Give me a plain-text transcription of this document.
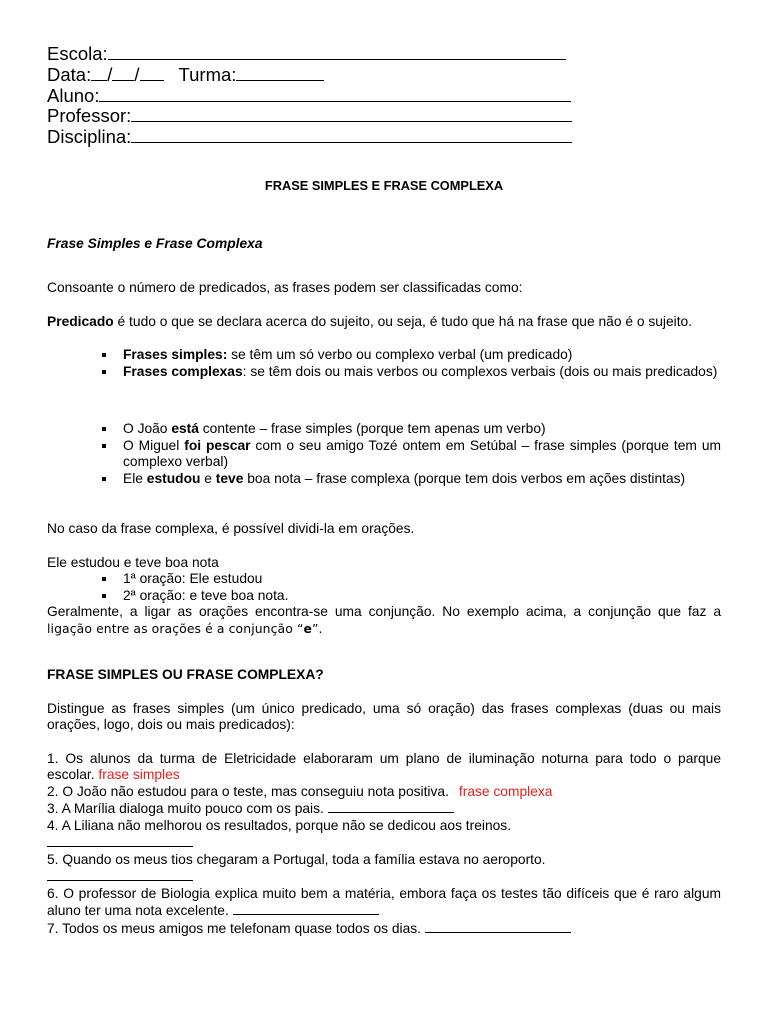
Escola:
Data: / / Turma:
Aluno:
Professor:
Disciplina:

FRASE SIMPLES E FRASE COMPLEXA

Frase Simples e Frase Complexa

Consoante o número de predicados, as frases podem ser classificadas como:

Predicado é tudo o que se declara acerca do sujeito, ou seja, é tudo que há na frase que não é o sujeito.

Frases simples: se têm um só verbo ou complexo verbal (um predicado)
Frases complexas: se têm dois ou mais verbos ou complexos verbais (dois ou mais predicados)
O João está contente – frase simples (porque tem apenas um verbo)
O Miguel foi pescar com o seu amigo Tozé ontem em Setúbal – frase simples (porque tem um complexo verbal)
Ele estudou e teve boa nota – frase complexa (porque tem dois verbos em ações distintas)

No caso da frase complexa, é possível dividi-la em orações.

Ele estudou e teve boa nota

1ª oração: Ele estudou
2ª oração: e teve boa nota.

Geralmente, a ligar as orações encontra-se uma conjunção. No exemplo acima, a conjunção que faz a ligação entre as orações é a conjunção “e”.

FRASE SIMPLES OU FRASE COMPLEXA?

Distingue as frases simples (um único predicado, uma só oração) das frases complexas (duas ou mais orações, logo, dois ou mais predicados):

1. Os alunos da turma de Eletricidade elaboraram um plano de iluminação noturna para todo o parque escolar. frase simples

2. O João não estudou para o teste, mas conseguiu nota positiva. frase complexa

3. A Marília dialoga muito pouco com os pais.

4. A Liliana não melhorou os resultados, porque não se dedicou aos treinos.

5. Quando os meus tios chegaram a Portugal, toda a família estava no aeroporto.

6. O professor de Biologia explica muito bem a matéria, embora faça os testes tão difíceis que é raro algum aluno ter uma nota excelente.

7. Todos os meus amigos me telefonam quase todos os dias.
